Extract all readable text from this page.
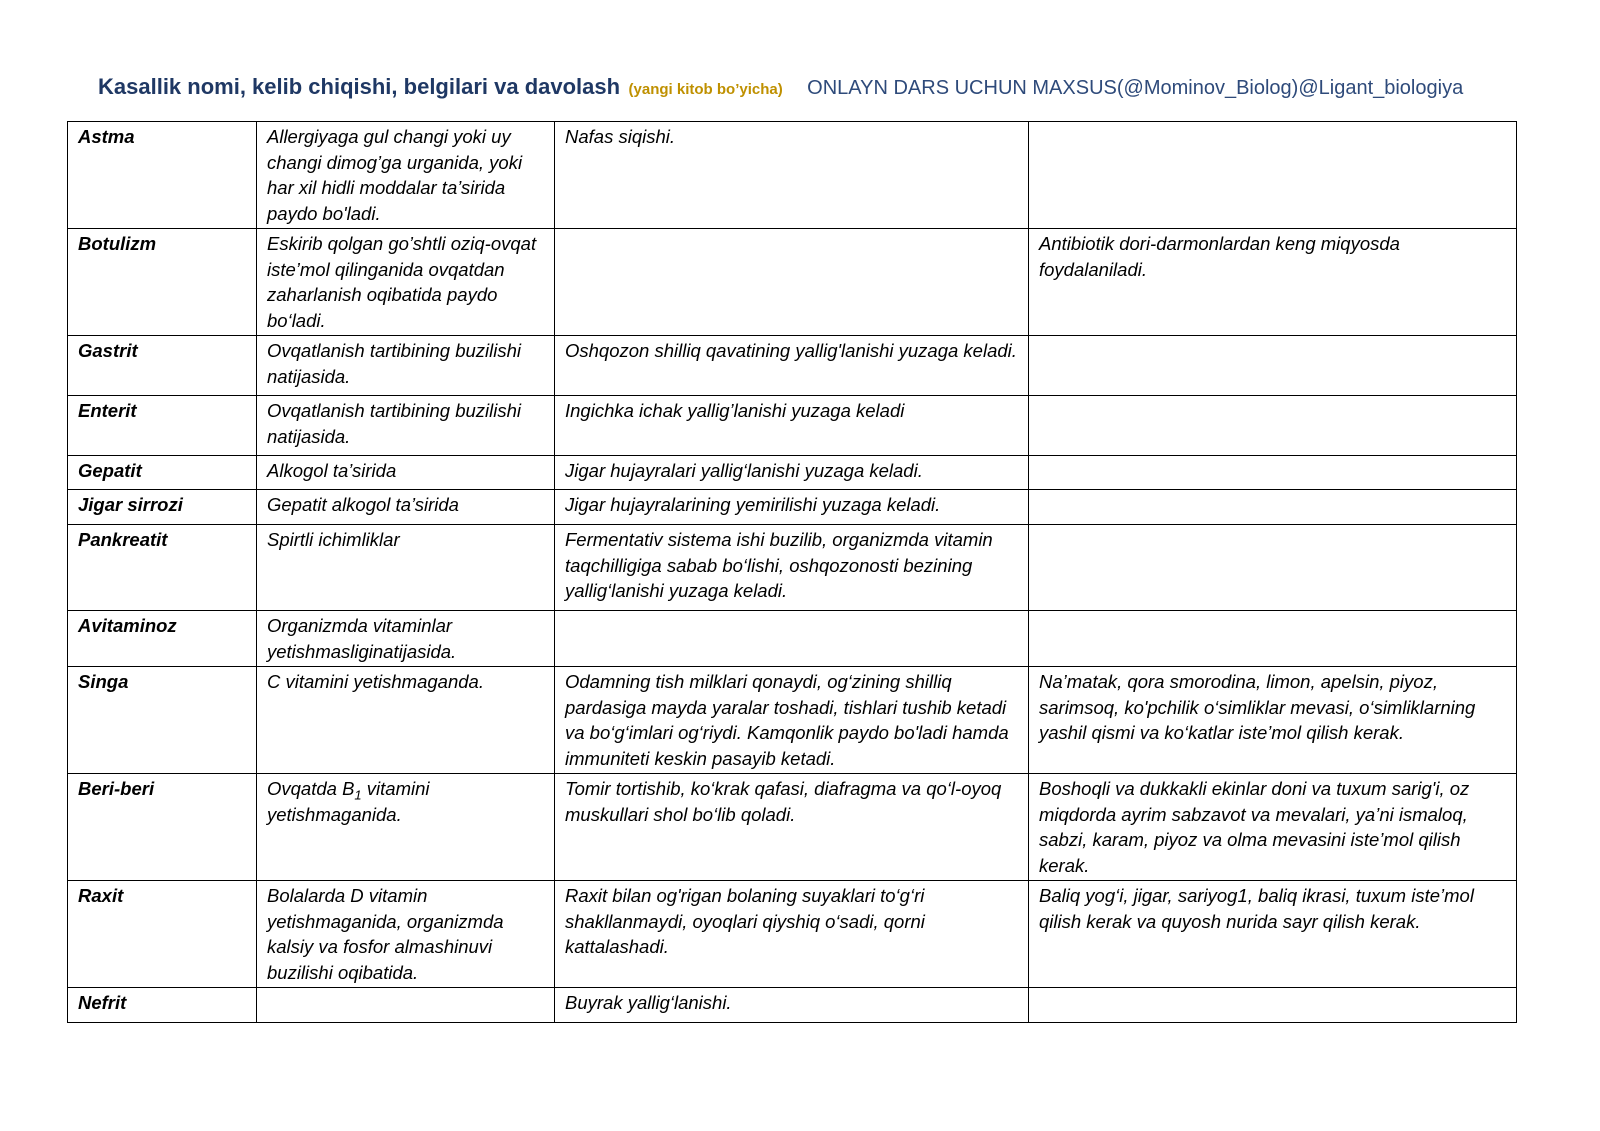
Kasallik nomi, kelib chiqishi, belgilari va davolash (yangi kitob bo’yicha) ONLAYN DARS UCHUN MAXSUS(@Mominov_Biolog)@Ligant_biologiya
Astma	Allergiyaga gul changi yoki uy changi dimog’ga urganida, yoki har xil hidli moddalar ta’sirida paydo bo'ladi.	Nafas siqishi.	
Botulizm	Eskirib qolgan go’shtli oziq-ovqat iste’mol qilinganida ovqatdan zaharlanish oqibatida paydo bo‘ladi.		Antibiotik dori-darmonlardan keng miqyosda foydalaniladi.
Gastrit	Ovqatlanish tartibining buzilishi natijasida.	Oshqozon shilliq qavatining yallig'lanishi yuzaga keladi.	
Enterit	Ovqatlanish tartibining buzilishi natijasida.	Ingichka ichak yallig’lanishi yuzaga keladi	
Gepatit	Alkogol ta’sirida	Jigar hujayralari yallig‘lanishi yuzaga keladi.	
Jigar sirrozi	Gepatit alkogol ta’sirida	Jigar hujayralarining yemirilishi yuzaga keladi.	
Pankreatit	Spirtli ichimliklar	Fermentativ sistema ishi buzilib, organizmda vitamin taqchilligiga sabab bo‘lishi, oshqozonosti bezining yallig‘lanishi yuzaga keladi.	
Avitaminoz	Organizmda vitaminlar yetishmasliginatijasida.		
Singa	C vitamini yetishmaganda.	Odamning tish milklari qonaydi, og‘zining shilliq pardasiga mayda yaralar toshadi, tishlari tushib ketadi va bo‘g‘imlari og‘riydi. Kamqonlik paydo bo'ladi hamda immuniteti keskin pasayib ketadi.	Na’matak, qora smorodina, limon, apelsin, piyoz, sarimsoq, ko'pchilik o‘simliklar mevasi, o‘simliklarning yashil qismi va ko‘katlar iste’mol qilish kerak.
Beri-beri	Ovqatda $B_1$ vitamini yetishmaganida.	Tomir tortishib, ko‘krak qafasi, diafragma va qo‘l-oyoq muskullari shol bo‘lib qoladi.	Boshoqli va dukkakli ekinlar doni va tuxum sarig'i, oz miqdorda ayrim sabzavot va mevalari, ya’ni ismaloq, sabzi, karam, piyoz va olma mevasini iste’mol qilish kerak.
Raxit	Bolalarda D vitamin yetishmaganida, organizmda kalsiy va fosfor almashinuvi buzilishi oqibatida.	Raxit bilan og'rigan bolaning suyaklari to‘g‘ri shakllanmaydi, oyoqlari qiyshiq o‘sadi, qorni kattalashadi.	Baliq yog‘i, jigar, sariyog1, baliq ikrasi, tuxum iste’mol qilish kerak va quyosh nurida sayr qilish kerak.
Nefrit		Buyrak yallig‘lanishi.	
